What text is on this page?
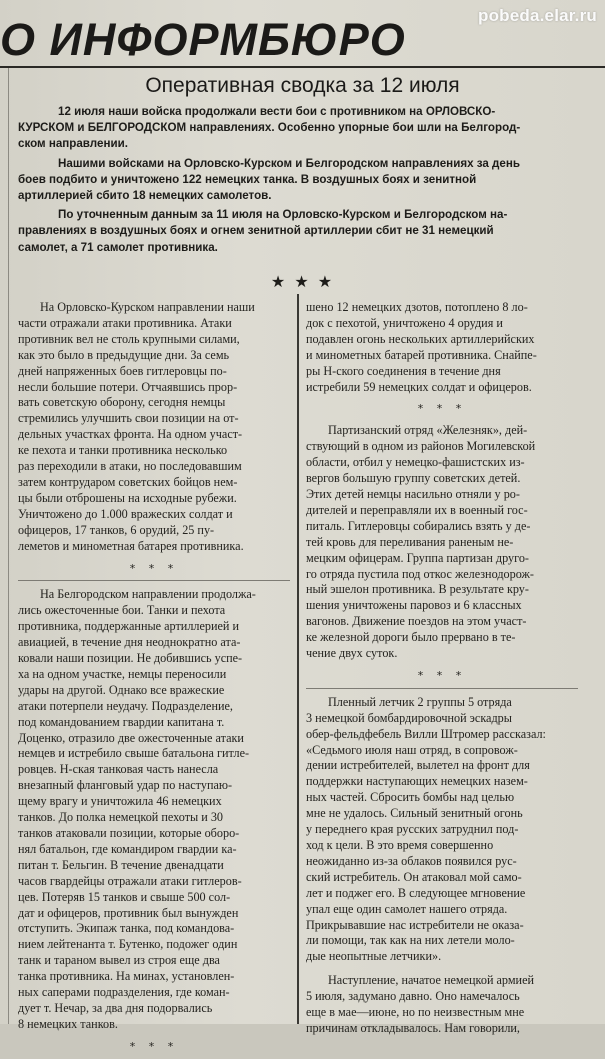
pobeda.elar.ru
О ИНФОРМБЮРО
Оперативная сводка за 12 июля
12 июля наши войска продолжали вести бои с противником на ОРЛОВСКО-
КУРСКОМ и БЕЛГОРОДСКОМ направлениях. Особенно упорные бои шли на Белгород-
ском направлении.
Нашими войсками на Орловско-Курском и Белгородском направлениях за день
боев подбито и уничтожено 122 немецких танка. В воздушных боях и зенитной
артиллерией сбито 18 немецких самолетов.
По уточненным данным за 11 июля на Орловско-Курском и Белгородском на-
правлениях в воздушных боях и огнем зенитной артиллерии сбит не 31 немецкий
самолет, а 71 самолет противника.
★ ★ ★
На Орловско-Курском направлении наши
части отражали атаки противника. Атаки
противник вел не столь крупными силами,
как это было в предыдущие дни. За семь
дней напряженных боев гитлеровцы по-
несли большие потери. Отчаявшись прор-
вать советскую оборону, сегодня немцы
стремились улучшить свои позиции на от-
дельных участках фронта. На одном участ-
ке пехота и танки противника несколько
раз переходили в атаки, но последовавшим
затем контрударом советских бойцов нем-
цы были отброшены на исходные рубежи.
Уничтожено до 1.000 вражеских солдат и
офицеров, 17 танков, 6 орудий, 25 пу-
леметов и минометная батарея противника.
* * *
На Белгородском направлении продолжа-
лись ожесточенные бои. Танки и пехота
противника, поддержанные артиллерией и
авиацией, в течение дня неоднократно ата-
ковали наши позиции. Не добившись успе-
ха на одном участке, немцы переносили
удары на другой. Однако все вражеские
атаки потерпели неудачу. Подразделение,
под командованием гвардии капитана т.
Доценко, отразило две ожесточенные атаки
немцев и истребило свыше батальона гитле-
ровцев. Н-ская танковая часть нанесла
внезапный фланговый удар по наступаю-
щему врагу и уничтожила 46 немецких
танков. До полка немецкой пехоты и 30
танков атаковали позиции, которые оборо-
нял батальон, где командиром гвардии ка-
питан т. Бельгин. В течение двенадцати
часов гвардейцы отражали атаки гитлеров-
цев. Потеряв 15 танков и свыше 500 сол-
дат и офицеров, противник был вынужден
отступить. Экипаж танка, под командова-
нием лейтенанта т. Бутенко, подожег один
танк и тараном вывел из строя еще два
танка противника. На минах, установлен-
ных саперами подразделения, где коман-
дует т. Нечар, за два дня подорвались
8 немецких танков.
* * *
шено 12 немецких дзотов, потоплено 8 ло-
док с пехотой, уничтожено 4 орудия и
подавлен огонь нескольких артиллерийских
и минометных батарей противника. Снайпе-
ры Н-ского соединения в течение дня
истребили 59 немецких солдат и офицеров.
* * *
Партизанский отряд «Железняк», дей-
ствующий в одном из районов Могилевской
области, отбил у немецко-фашистских из-
вергов большую группу советских детей.
Этих детей немцы насильно отняли у ро-
дителей и переправляли их в военный гос-
питаль. Гитлеровцы собирались взять у де-
тей кровь для переливания раненым не-
мецким офицерам. Группа партизан друго-
го отряда пустила под откос железнодорож-
ный эшелон противника. В результате кру-
шения уничтожены паровоз и 6 классных
вагонов. Движение поездов на этом участ-
ке железной дороги было прервано в те-
чение двух суток.
* * *
Пленный летчик 2 группы 5 отряда
3 немецкой бомбардировочной эскадры
обер-фельдфебель Вилли Штромер рассказал:
«Седьмого июля наш отряд, в сопровож-
дении истребителей, вылетел на фронт для
поддержки наступающих немецких назем-
ных частей. Сбросить бомбы над целью
мне не удалось. Сильный зенитный огонь
у переднего края русских затруднил под-
ход к цели. В это время совершенно
неожиданно из-за облаков появился рус-
ский истребитель. Он атаковал мой само-
лет и поджег его. В следующее мгновение
упал еще один самолет нашего отряда.
Прикрывавшие нас истребители не оказа-
ли помощи, так как на них летели моло-
дые неопытные летчики».
Наступление, начатое немецкой армией
5 июля, задумано давно. Оно намечалось
еще в мае—июне, но по неизвестным мне
причинам откладывалось. Нам говорили,
